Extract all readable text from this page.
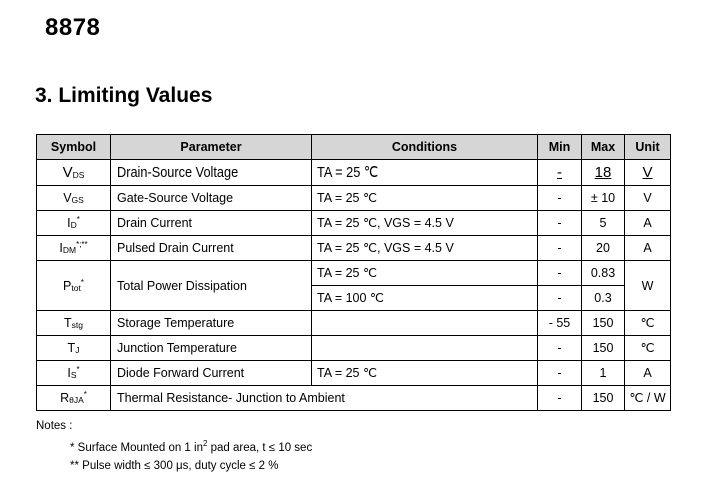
8878
3. Limiting Values
Symbol	Parameter	Conditions	Min	Max	Unit
$V_{DS}$	Drain-Source Voltage	TA = 25 ℃	-	18	V
$V_{GS}$	Gate-Source Voltage	TA = 25 ℃	-	± 10	V
$I_D^*$	Drain Current	TA = 25 ℃, VGS = 4.5 V	-	5	A
$I_{DM}^{*;**}$	Pulsed Drain Current	TA = 25 ℃, VGS = 4.5 V	-	20	A
$P_{tot}^*$	Total Power Dissipation	TA = 25 ℃	-	0.83	W
		TA = 100 ℃	-	0.3	
$T_{stg}$	Storage Temperature		- 55	150	℃
$T_J$	Junction Temperature		-	150	℃
$I_S^*$	Diode Forward Current	TA = 25 ℃	-	1	A
$R_{\theta JA}^*$	Thermal Resistance- Junction to Ambient		-	150	℃ / W
Notes :
* Surface Mounted on 1 $in^2$ pad area, t ≤ 10 sec
** Pulse width ≤ 300 μs, duty cycle ≤ 2 %
